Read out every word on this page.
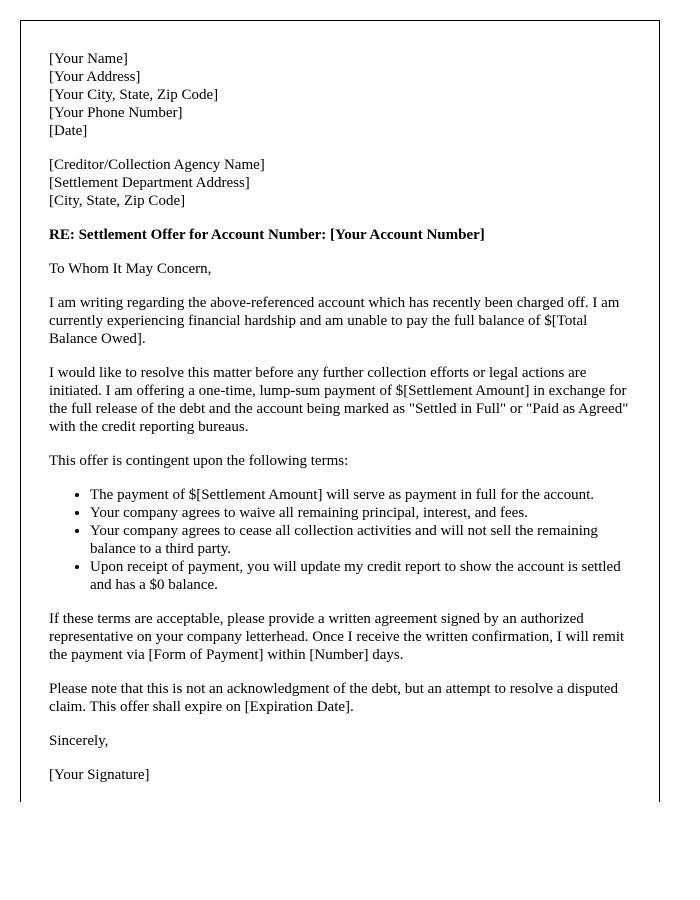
[Your Name]
[Your Address]
[Your City, State, Zip Code]
[Your Phone Number]
[Date]
[Creditor/Collection Agency Name]
[Settlement Department Address]
[City, State, Zip Code]

RE: Settlement Offer for Account Number: [Your Account Number]

To Whom It May Concern,

I am writing regarding the above-referenced account which has recently been charged off. I am currently experiencing financial hardship and am unable to pay the full balance of $[Total Balance Owed].

I would like to resolve this matter before any further collection efforts or legal actions are initiated. I am offering a one-time, lump-sum payment of $[Settlement Amount] in exchange for the full release of the debt and the account being marked as "Settled in Full" or "Paid as Agreed" with the credit reporting bureaus.

This offer is contingent upon the following terms:

• The payment of $[Settlement Amount] will serve as payment in full for the account.
• Your company agrees to waive all remaining principal, interest, and fees.
• Your company agrees to cease all collection activities and will not sell the remaining balance to a third party.
• Upon receipt of payment, you will update my credit report to show the account is settled and has a $0 balance.

If these terms are acceptable, please provide a written agreement signed by an authorized representative on your company letterhead. Once I receive the written confirmation, I will remit the payment via [Form of Payment] within [Number] days.

Please note that this is not an acknowledgment of the debt, but an attempt to resolve a disputed claim. This offer shall expire on [Expiration Date].

Sincerely,

[Your Signature]
